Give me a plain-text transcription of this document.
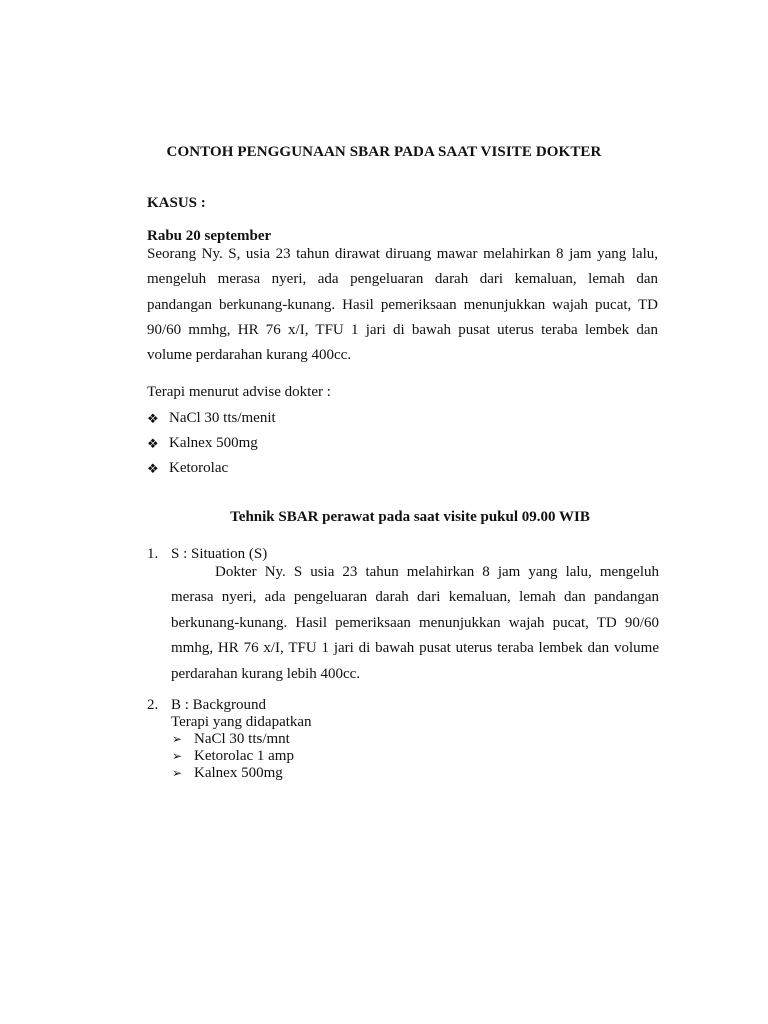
CONTOH PENGGUNAAN SBAR PADA SAAT VISITE DOKTER
KASUS :
Rabu 20 september
Seorang Ny. S, usia 23 tahun dirawat diruang mawar melahirkan 8 jam yang lalu,
mengeluh merasa nyeri, ada pengeluaran darah dari kemaluan, lemah dan
pandangan berkunang-kunang. Hasil pemeriksaan menunjukkan wajah pucat, TD
90/60 mmhg, HR 76 x/I, TFU 1 jari di bawah pusat uterus teraba lembek dan
volume perdarahan kurang 400cc.
Terapi menurut advise dokter :
❖ NaCl 30 tts/menit
❖ Kalnex 500mg
❖ Ketorolac
Tehnik SBAR perawat pada saat visite pukul 09.00 WIB
1. S : Situation (S)
Dokter Ny. S usia 23 tahun melahirkan 8 jam yang lalu, mengeluh
merasa nyeri, ada pengeluaran darah dari kemaluan, lemah dan pandangan
berkunang-kunang. Hasil pemeriksaan menunjukkan wajah pucat, TD 90/60
mmhg, HR 76 x/I, TFU 1 jari di bawah pusat uterus teraba lembek dan volume
perdarahan kurang lebih 400cc.
2. B : Background
Terapi yang didapatkan
➢ NaCl 30 tts/mnt
➢ Ketorolac 1 amp
➢ Kalnex 500mg
